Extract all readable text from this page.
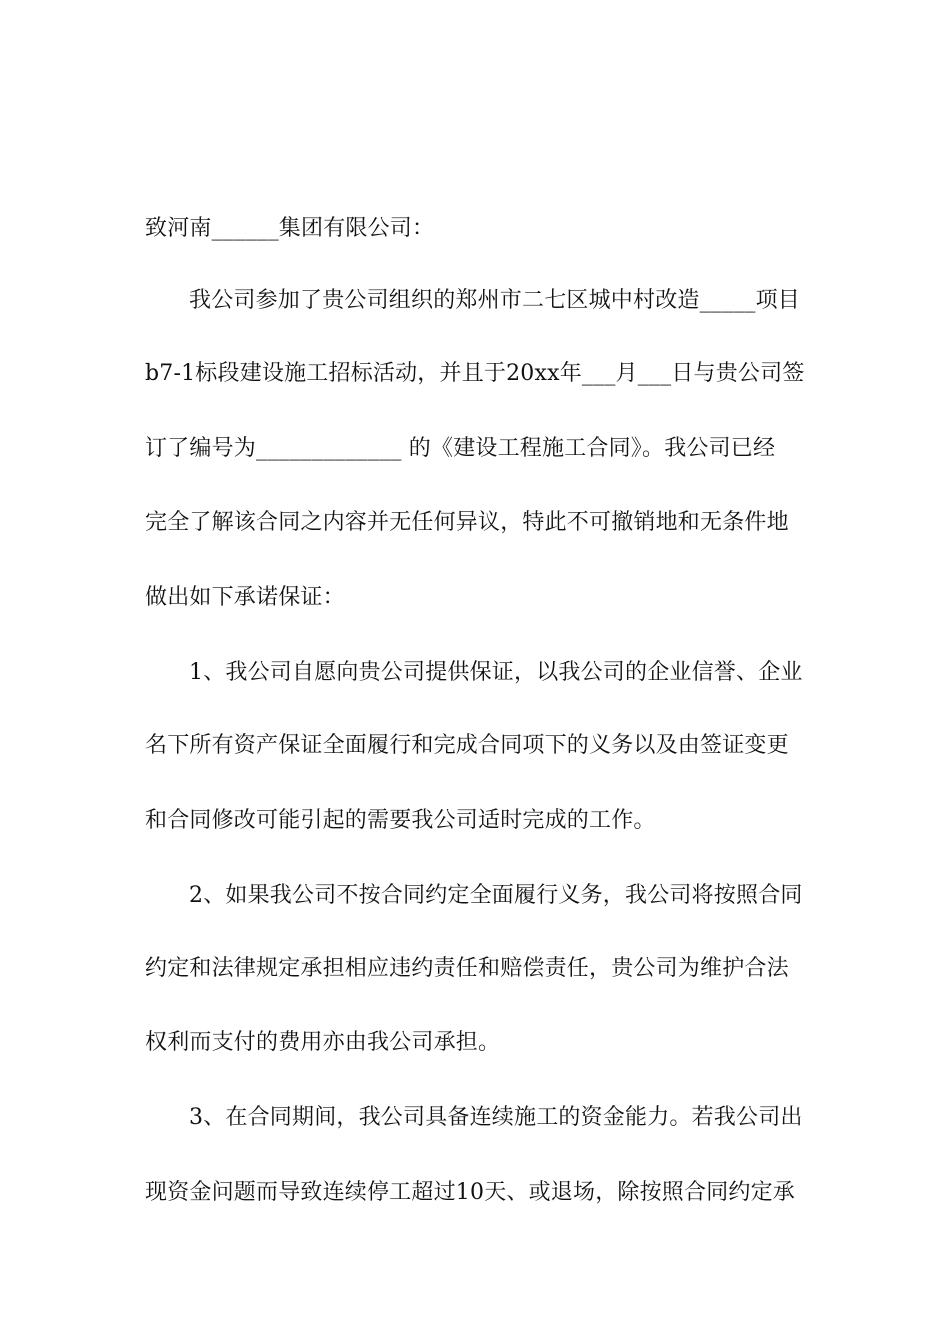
致河南______集团有限公司：
我公司参加了贵公司组织的郑州市二七区城中村改造_____项目
b7-1标段建设施工招标活动，并且于20xx年___月___日与贵公司签
订了编号为_____________ 的《建设工程施工合同》。我公司已经
完全了解该合同之内容并无任何异议，特此不可撤销地和无条件地
做出如下承诺保证：
1、我公司自愿向贵公司提供保证，以我公司的企业信誉、企业
名下所有资产保证全面履行和完成合同项下的义务以及由签证变更
和合同修改可能引起的需要我公司适时完成的工作。
2、如果我公司不按合同约定全面履行义务，我公司将按照合同
约定和法律规定承担相应违约责任和赔偿责任，贵公司为维护合法
权利而支付的费用亦由我公司承担。
3、在合同期间，我公司具备连续施工的资金能力。若我公司出
现资金问题而导致连续停工超过10天、或退场，除按照合同约定承
